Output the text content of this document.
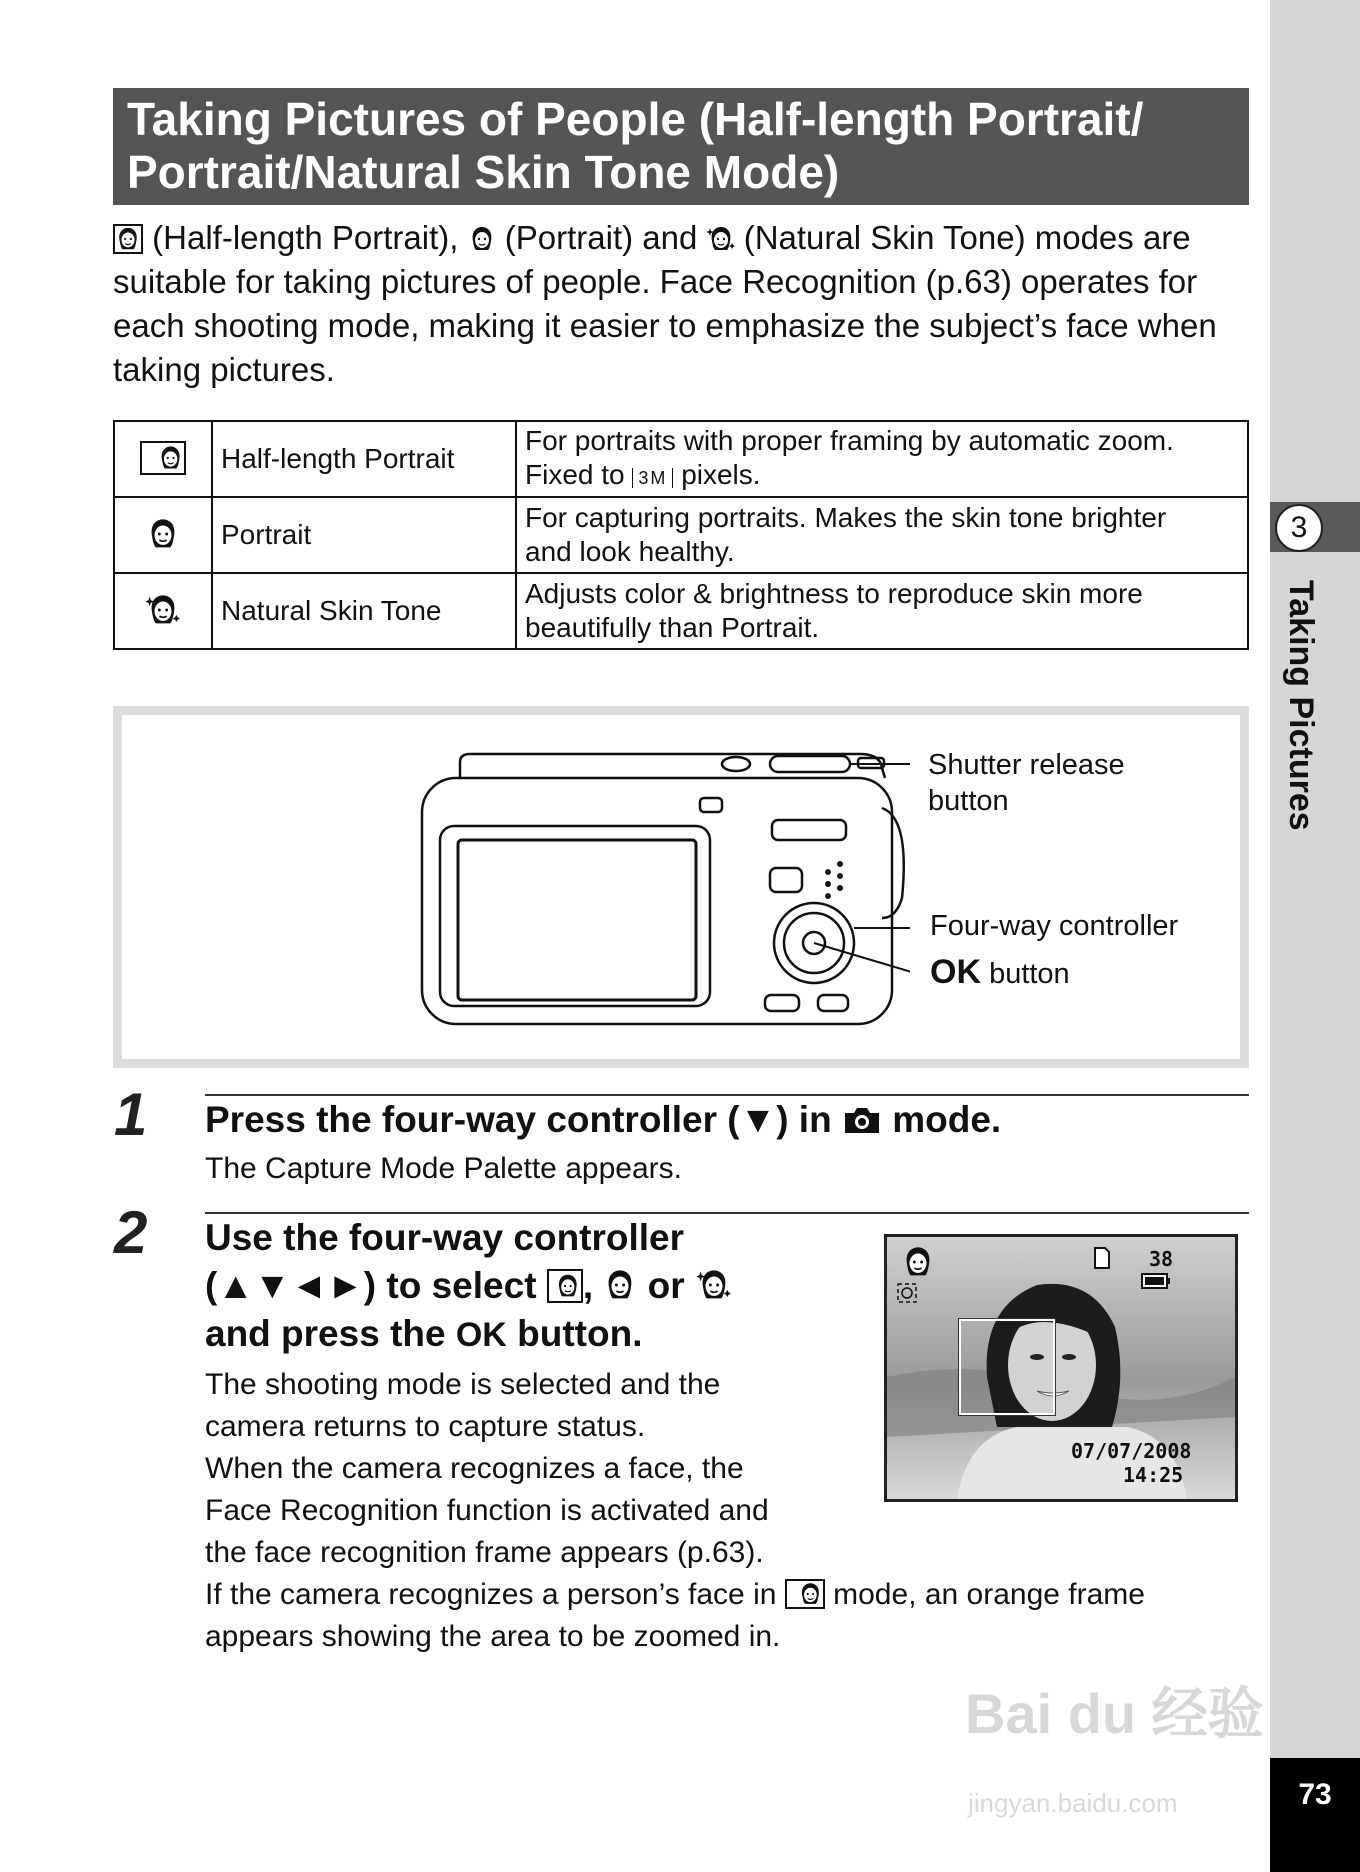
3
Taking Pictures
73
Taking Pictures of People (Half-length Portrait/
Portrait/Natural Skin Tone Mode)
(Half-length Portrait), (Portrait) and (Natural Skin Tone) modes are suitable for taking pictures of people. Face Recognition (p.63) operates for each shooting mode, making it easier to emphasize the subject’s face when taking pictures.
	Half-length Portrait	For portraits with proper framing by automatic zoom.
Fixed to 3M pixels.

	Portrait	For capturing portraits. Makes the skin tone brighter
and look healthy.

	Natural Skin Tone	Adjusts color & brightness to reproduce skin more
beautifully than Portrait.
Shutter release
button
Four-way controller
OK button
1 Press the four-way controller (▼) in mode.
The Capture Mode Palette appears.
2 Use the four-way controller
(▲▼◄►) to select , or
and press the OK button.
The shooting mode is selected and the
camera returns to capture status.
When the camera recognizes a face, the
Face Recognition function is activated and
the face recognition frame appears (p.63).
If the camera recognizes a person’s face in mode, an orange frame
appears showing the area to be zoomed in.
38
07/07/2008
14:25
Bai du 经验
jingyan.baidu.com
